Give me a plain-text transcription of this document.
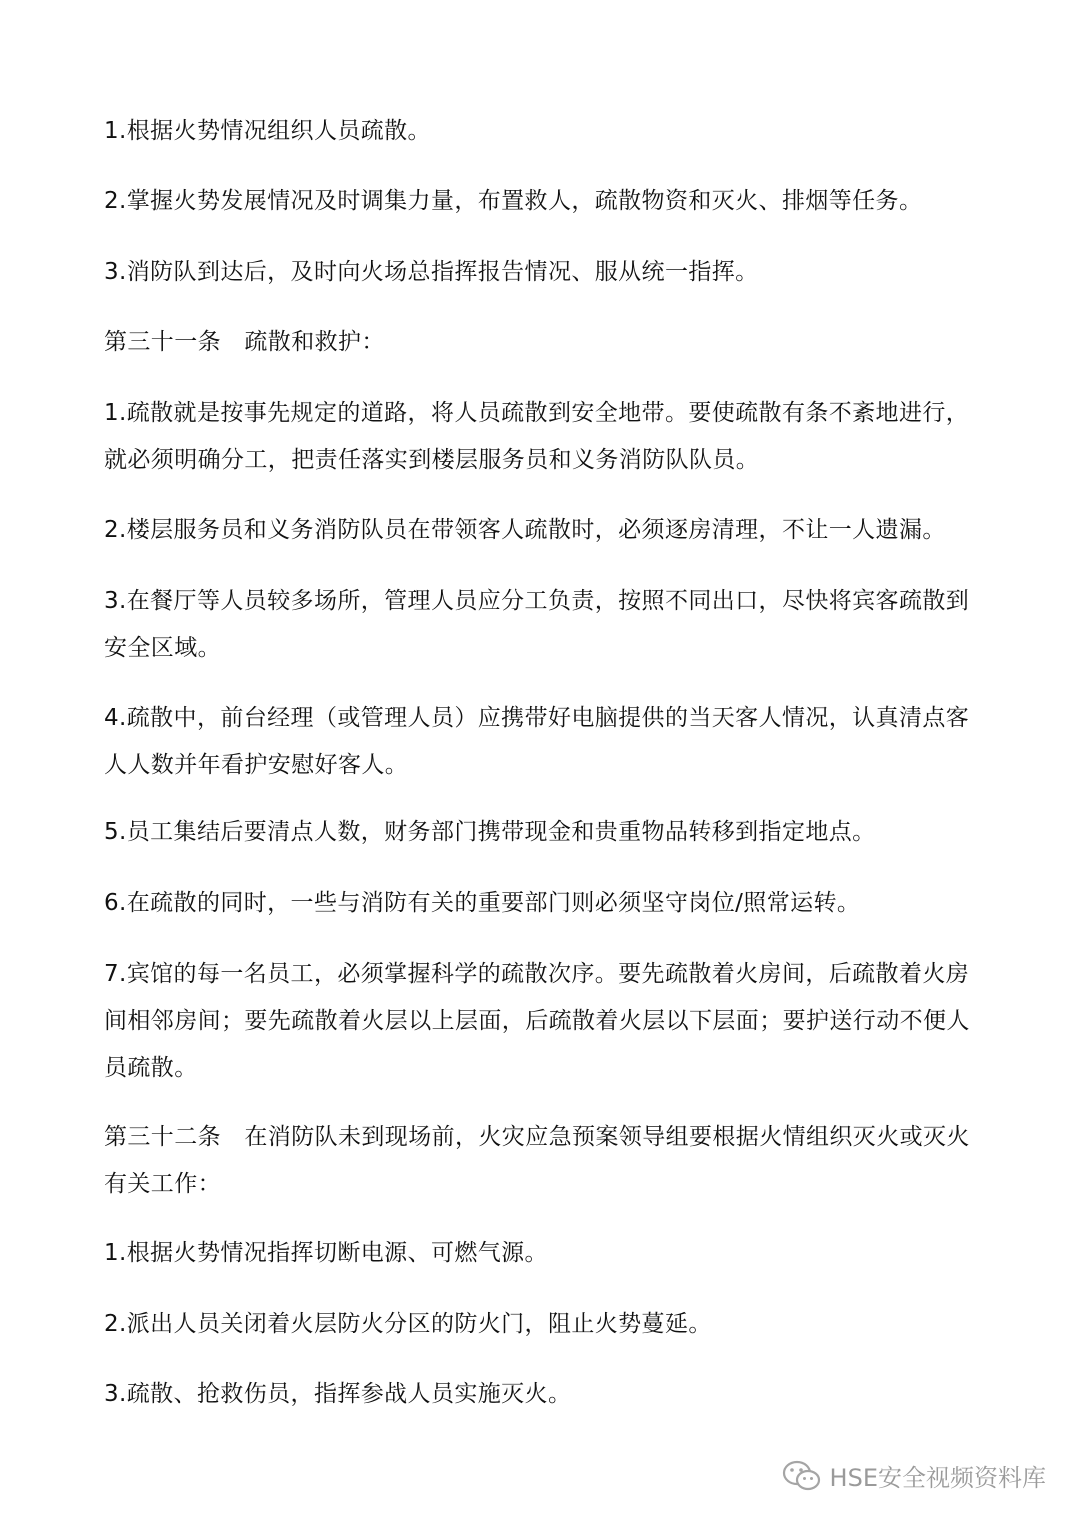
1.根据火势情况组织人员疏散。

2.掌握火势发展情况及时调集力量，布置救人，疏散物资和灭火、排烟等任务。

3.消防队到达后，及时向火场总指挥报告情况、服从统一指挥。

第三十一条　疏散和救护：

1.疏散就是按事先规定的道路，将人员疏散到安全地带。要使疏散有条不紊地进行，就必须明确分工，把责任落实到楼层服务员和义务消防队队员。

2.楼层服务员和义务消防队员在带领客人疏散时，必须逐房清理，不让一人遗漏。

3.在餐厅等人员较多场所，管理人员应分工负责，按照不同出口，尽快将宾客疏散到安全区域。

4.疏散中，前台经理（或管理人员）应携带好电脑提供的当天客人情况，认真清点客人人数并年看护安慰好客人。

5.员工集结后要清点人数，财务部门携带现金和贵重物品转移到指定地点。

6.在疏散的同时，一些与消防有关的重要部门则必须坚守岗位/照常运转。

7.宾馆的每一名员工，必须掌握科学的疏散次序。要先疏散着火房间，后疏散着火房间相邻房间；要先疏散着火层以上层面，后疏散着火层以下层面；要护送行动不便人员疏散。

第三十二条　在消防队未到现场前，火灾应急预案领导组要根据火情组织灭火或灭火有关工作：

1.根据火势情况指挥切断电源、可燃气源。

2.派出人员关闭着火层防火分区的防火门，阻止火势蔓延。

3.疏散、抢救伤员，指挥参战人员实施灭火。

HSE安全视频资料库
